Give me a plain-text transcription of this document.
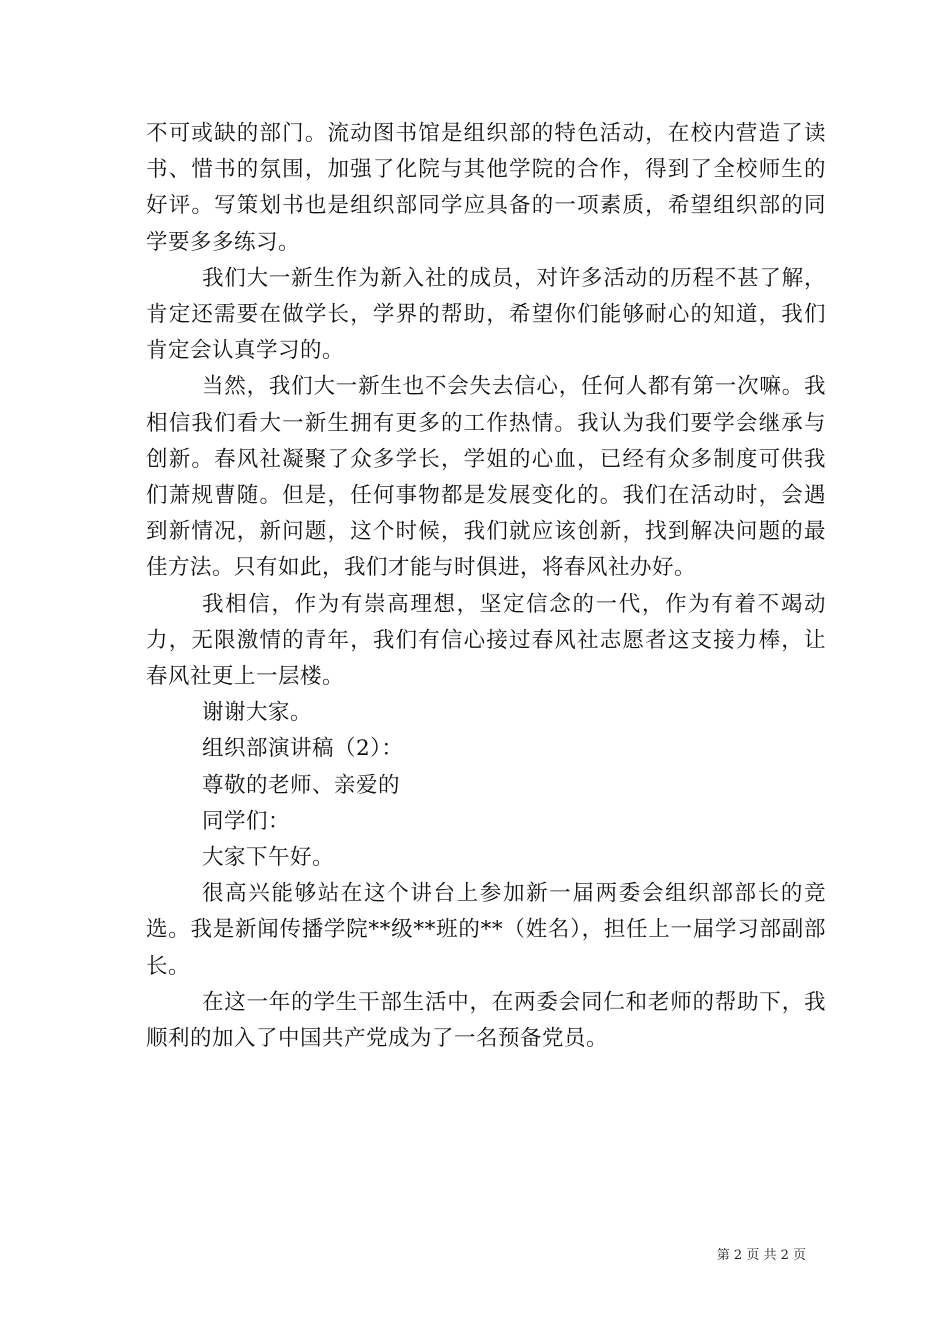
不可或缺的部门。流动图书馆是组织部的特色活动，在校内营造了读书、惜书的氛围，加强了化院与其他学院的合作，得到了全校师生的好评。写策划书也是组织部同学应具备的一项素质，希望组织部的同学要多多练习。

我们大一新生作为新入社的成员，对许多活动的历程不甚了解，肯定还需要在做学长，学界的帮助，希望你们能够耐心的知道，我们肯定会认真学习的。

当然，我们大一新生也不会失去信心，任何人都有第一次嘛。我相信我们看大一新生拥有更多的工作热情。我认为我们要学会继承与创新。春风社凝聚了众多学长，学姐的心血，已经有众多制度可供我们萧规曹随。但是，任何事物都是发展变化的。我们在活动时，会遇到新情况，新问题，这个时候，我们就应该创新，找到解决问题的最佳方法。只有如此，我们才能与时俱进，将春风社办好。

我相信，作为有崇高理想，坚定信念的一代，作为有着不竭动力，无限激情的青年，我们有信心接过春风社志愿者这支接力棒，让春风社更上一层楼。

谢谢大家。

组织部演讲稿（2）：

尊敬的老师、亲爱的

同学们：

大家下午好。

很高兴能够站在这个讲台上参加新一届两委会组织部部长的竞选。我是新闻传播学院**级**班的**（姓名），担任上一届学习部副部长。

在这一年的学生干部生活中，在两委会同仁和老师的帮助下，我顺利的加入了中国共产党成为了一名预备党员。

第 2 页 共 2 页
